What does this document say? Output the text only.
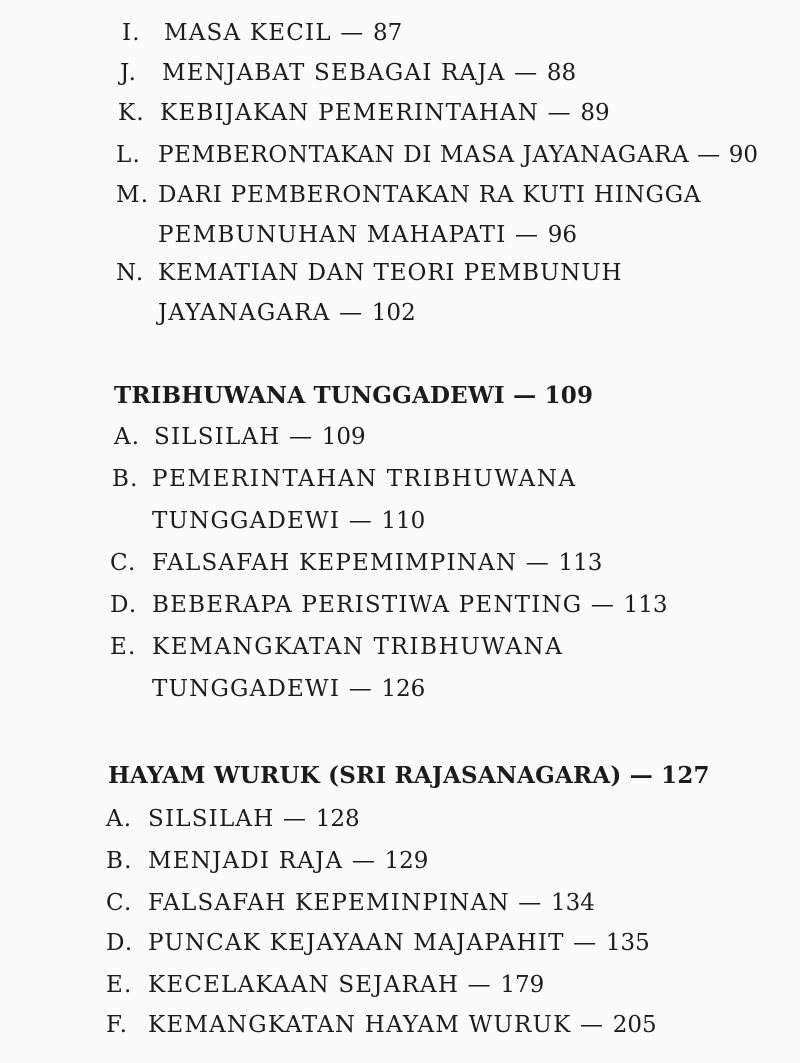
I. MASA KECIL — 87
J. MENJABAT SEBAGAI RAJA — 88
K. KEBIJAKAN PEMERINTAHAN — 89
L. PEMBERONTAKAN DI MASA JAYANAGARA — 90
M. DARI PEMBERONTAKAN RA KUTI HINGGA
PEMBUNUHAN MAHAPATI — 96
N. KEMATIAN DAN TEORI PEMBUNUH
JAYANAGARA — 102
TRIBHUWANA TUNGGADEWI — 109
A. SILSILAH — 109
B. PEMERINTAHAN TRIBHUWANA
TUNGGADEWI — 110
C. FALSAFAH KEPEMIMPINAN — 113
D. BEBERAPA PERISTIWA PENTING — 113
E. KEMANGKATAN TRIBHUWANA
TUNGGADEWI — 126
HAYAM WURUK (SRI RAJASANAGARA) — 127
A. SILSILAH — 128
B. MENJADI RAJA — 129
C. FALSAFAH KEPEMINPINAN — 134
D. PUNCAK KEJAYAAN MAJAPAHIT — 135
E. KECELAKAAN SEJARAH — 179
F. KEMANGKATAN HAYAM WURUK — 205
